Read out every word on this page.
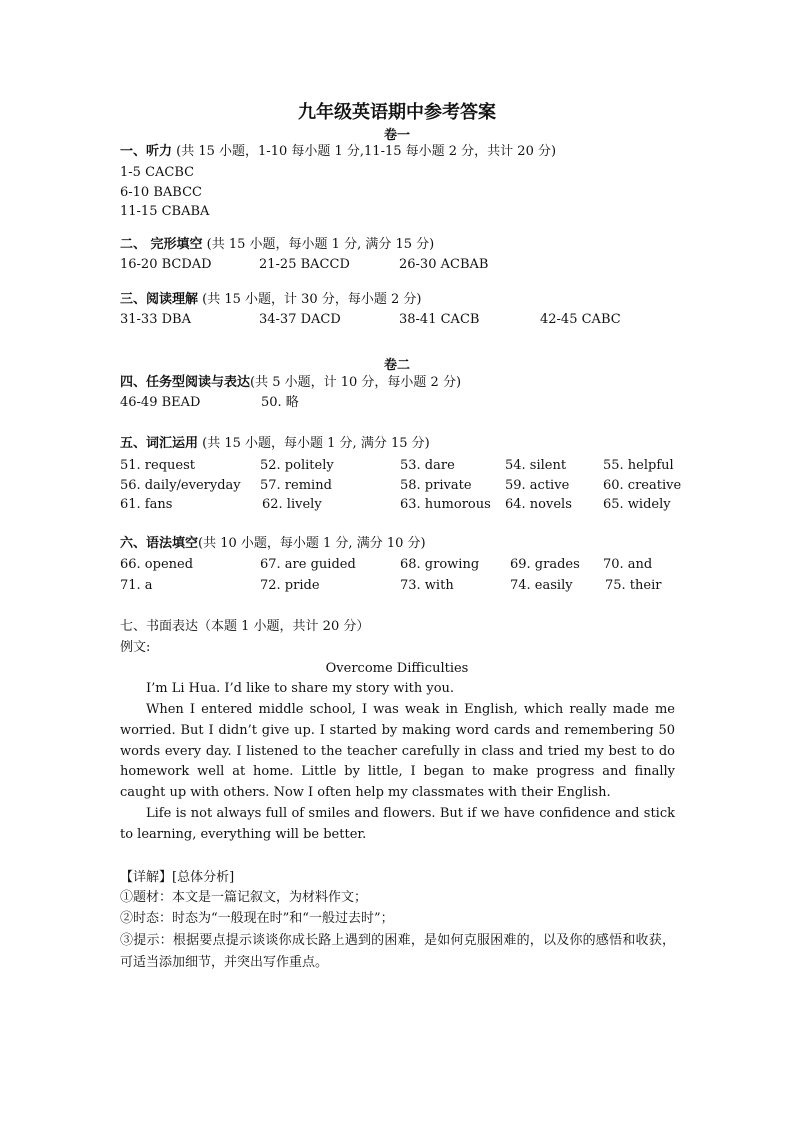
九年级英语期中参考答案
卷一
一、听力 (共 15 小题，1-10 每小题 1 分,11-15 每小题 2 分，共计 20 分)
1-5 CACBC
6-10 BABCC
11-15 CBABA
二、 完形填空 (共 15 小题，每小题 1 分, 满分 15 分)
16-20 BCDAD	21-25 BACCD	26-30 ACBAB
三、阅读理解 (共 15 小题，计 30 分，每小题 2 分)
31-33 DBA	34-37 DACD	38-41 CACB	42-45 CABC
卷二
四、任务型阅读与表达(共 5 小题，计 10 分，每小题 2 分)
46-49 BEAD	50. 略
五、词汇运用 (共 15 小题，每小题 1 分, 满分 15 分)
51. request	52. politely	53. dare	54. silent	55. helpful
56. daily/everyday 57. remind	58. private	59. active	60. creative
61. fans	62. lively	63. humorous 64. novels 65. widely
六、语法填空(共 10 小题，每小题 1 分, 满分 10 分)
66. opened	67. are guided	68. growing 69. grades 70. and
71. a	72. pride	73. with	74. easily 75. their
七、书面表达（本题 1 小题，共计 20 分）
例文:
Overcome Difficulties
I’m Li Hua. I’d like to share my story with you.
When I entered middle school, I was weak in English, which really made me worried. But I didn’t give up. I started by making word cards and remembering 50 words every day. I listened to the teacher carefully in class and tried my best to do homework well at home. Little by little, I began to make progress and finally caught up with others. Now I often help my classmates with their English.
Life is not always full of smiles and flowers. But if we have confidence and stick to learning, everything will be better.
【详解】[总体分析]
①题材：本文是一篇记叙文，为材料作文；
②时态：时态为“一般现在时”和“一般过去时”；
③提示：根据要点提示谈谈你成长路上遇到的困难，是如何克服困难的，以及你的感悟和收获，可适当添加细节，并突出写作重点。
